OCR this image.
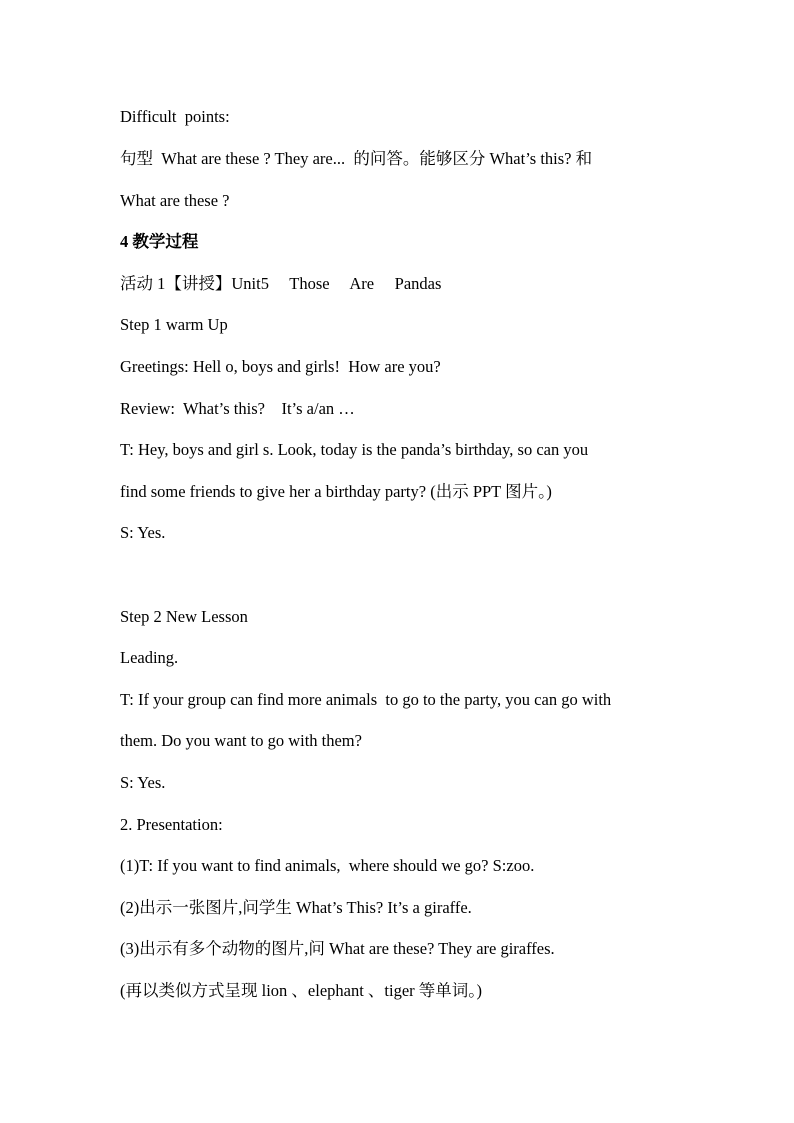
Difficult  points:
句型  What are these ? They are...  的问答。能够区分 What’s this? 和
What are these ?
4 教学过程
活动 1【讲授】Unit5     Those     Are     Pandas
Step 1 warm Up
Greetings: Hell o, boys and girls!  How are you?
Review:  What’s this?    It’s a/an …
T: Hey, boys and girl s. Look, today is the panda’s birthday, so can you
find some friends to give her a birthday party? (出示 PPT 图片。)
S: Yes.
Step 2 New Lesson
Leading.
T: If your group can find more animals  to go to the party, you can go with
them. Do you want to go with them?
S: Yes.
2. Presentation:
(1)T: If you want to find animals,  where should we go? S:zoo.
(2)出示一张图片,问学生 What’s This? It’s a giraffe.
(3)出示有多个动物的图片,问 What are these? They are giraffes.
(再以类似方式呈现 lion 、elephant 、tiger 等单词。)
